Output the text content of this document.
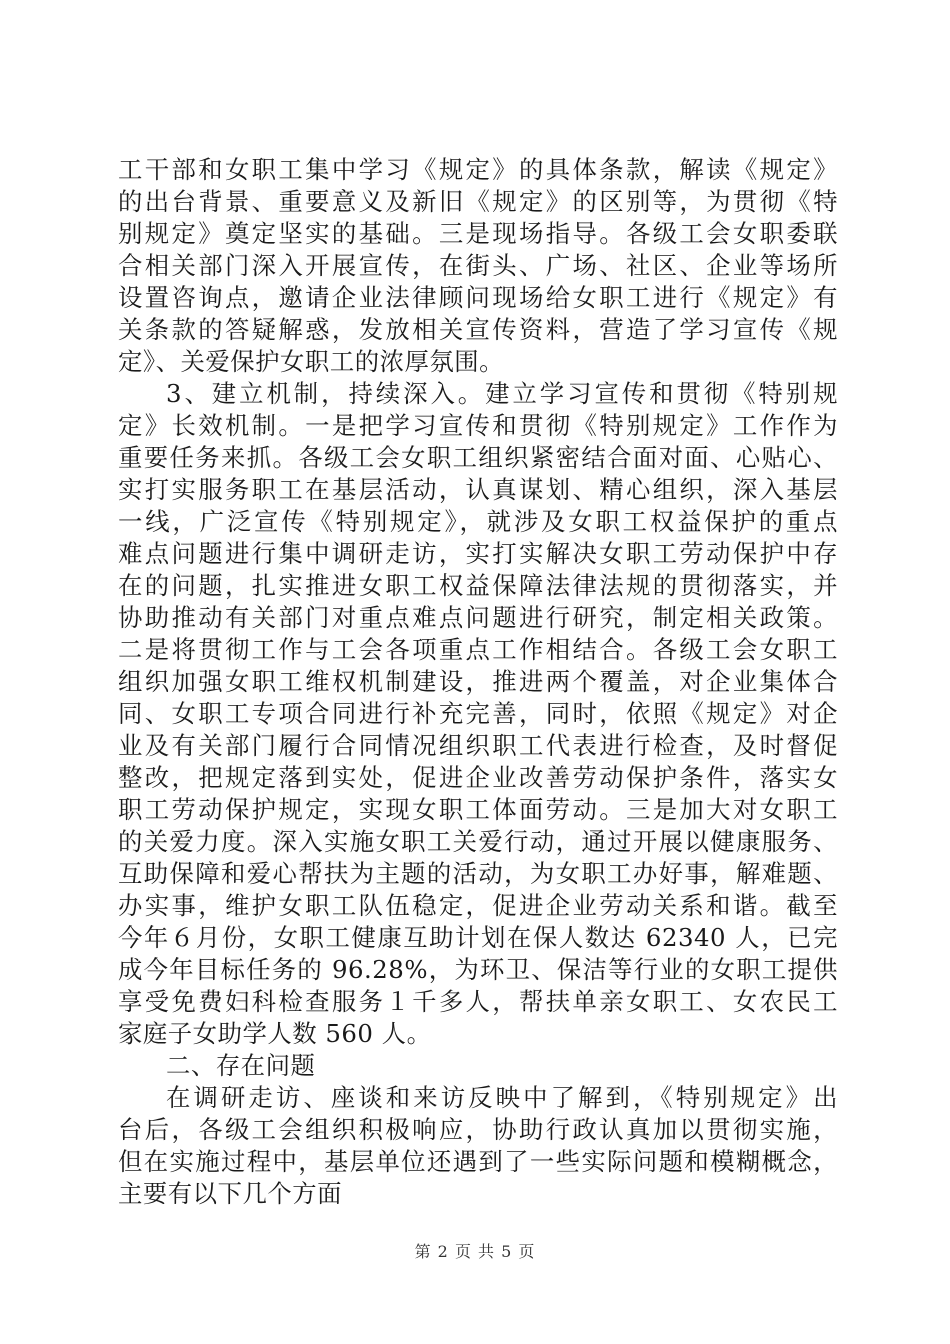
工干部和女职工集中学习《规定》的具体条款，解读《规定》
的出台背景、重要意义及新旧《规定》的区别等，为贯彻《特
别规定》奠定坚实的基础。三是现场指导。各级工会女职委联
合相关部门深入开展宣传，在街头、广场、社区、企业等场所
设置咨询点，邀请企业法律顾问现场给女职工进行《规定》有
关条款的答疑解惑，发放相关宣传资料，营造了学习宣传《规
定》、关爱保护女职工的浓厚氛围。
3、建立机制，持续深入。建立学习宣传和贯彻《特别规
定》长效机制。一是把学习宣传和贯彻《特别规定》工作作为
重要任务来抓。各级工会女职工组织紧密结合面对面、心贴心、
实打实服务职工在基层活动，认真谋划、精心组织，深入基层
一线，广泛宣传《特别规定》，就涉及女职工权益保护的重点
难点问题进行集中调研走访，实打实解决女职工劳动保护中存
在的问题，扎实推进女职工权益保障法律法规的贯彻落实，并
协助推动有关部门对重点难点问题进行研究，制定相关政策。
二是将贯彻工作与工会各项重点工作相结合。各级工会女职工
组织加强女职工维权机制建设，推进两个覆盖，对企业集体合
同、女职工专项合同进行补充完善，同时，依照《规定》对企
业及有关部门履行合同情况组织职工代表进行检查，及时督促
整改，把规定落到实处，促进企业改善劳动保护条件，落实女
职工劳动保护规定，实现女职工体面劳动。三是加大对女职工
的关爱力度。深入实施女职工关爱行动，通过开展以健康服务、
互助保障和爱心帮扶为主题的活动，为女职工办好事，解难题、
办实事，维护女职工队伍稳定，促进企业劳动关系和谐。截至
今年６月份，女职工健康互助计划在保人数达 62340 人，已完
成今年目标任务的 96.28%，为环卫、保洁等行业的女职工提供
享受免费妇科检查服务１千多人，帮扶单亲女职工、女农民工
家庭子女助学人数 560 人。
二、存在问题
在调研走访、座谈和来访反映中了解到，《特别规定》出
台后，各级工会组织积极响应，协助行政认真加以贯彻实施，
但在实施过程中，基层单位还遇到了一些实际问题和模糊概念，
主要有以下几个方面
第 2 页 共 5 页
